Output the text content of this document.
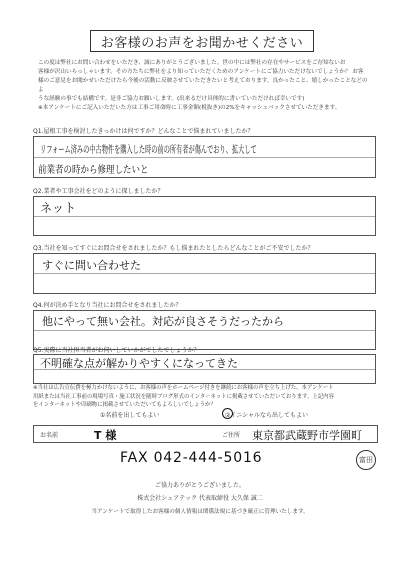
お客様のお声をお聞かせください

この度は弊社にお問い合わせをいただき、誠にありがとうございました。世の中には弊社の存在やサービスをご存知ないお

客様が沢山いらっしゃいます。その方たちに弊社をより知っていただくためのアンケートにご協力いただけないでしょうか？ お客

様のご意見をお聞かせいただけたら今後の活動に反映させていただきたいと考えております。良かったこと、嬉しかったことなどのよ

うな経験の事でも結構です。是非ご協力お願いします。(出来るだけ具体的に書いていただければ幸いです)

※本アンケートにご記入いただいた方は工事ご用命時に工事金額(税抜き)の2%をキャッシュバックさせていただきます。

Q1.屋根工事を検討したきっかけは何ですか？どんなことで悩まれていましたか？
リフォーム済みの中古物件を購入した時の前の所有者が傷んでおり、拡大して
前業者の時から修理したいと
Q2.業者や工事会社をどのように探しましたか？
ネット
Q3.当社を知ってすぐにお問合せをされましたか？もし悩まれたとしたらどんなことがご不安でしたか？
すぐに問い合わせた
Q4.何が決め手となり当社にお問合せをされましたか？
他にやって無い会社。対応が良さそうだったから
Q5.実際に当社担当者がお伺いしていかがでしたでしょうか？
不明確な点が解かりやすくになってきた

※当社は広告宣伝費を極力かけないように、お客様の声をホームページ付きを継続にお客様の声を立ち上げた、本アンケート

用紙または当社工事前の現場写真・施工状況を随時ブログ形式のインターネットに掲載させていただいております。上記内容

をインターネットや印刷物に掲載させていただいてもよろしいでしょうか？

①名前を出してもよい	②イニシャルなら出してもよい
お名前	T 様	ご住所 東京都武蔵野市学園町
FAX 042-444-5016	富田
ご協力ありがとうございました。
株式会社シェアテック 代表取締役 大久保 誠二
当アンケートで取得したお客様の個人情報は関係法規に基づき厳正に管理いたします。
